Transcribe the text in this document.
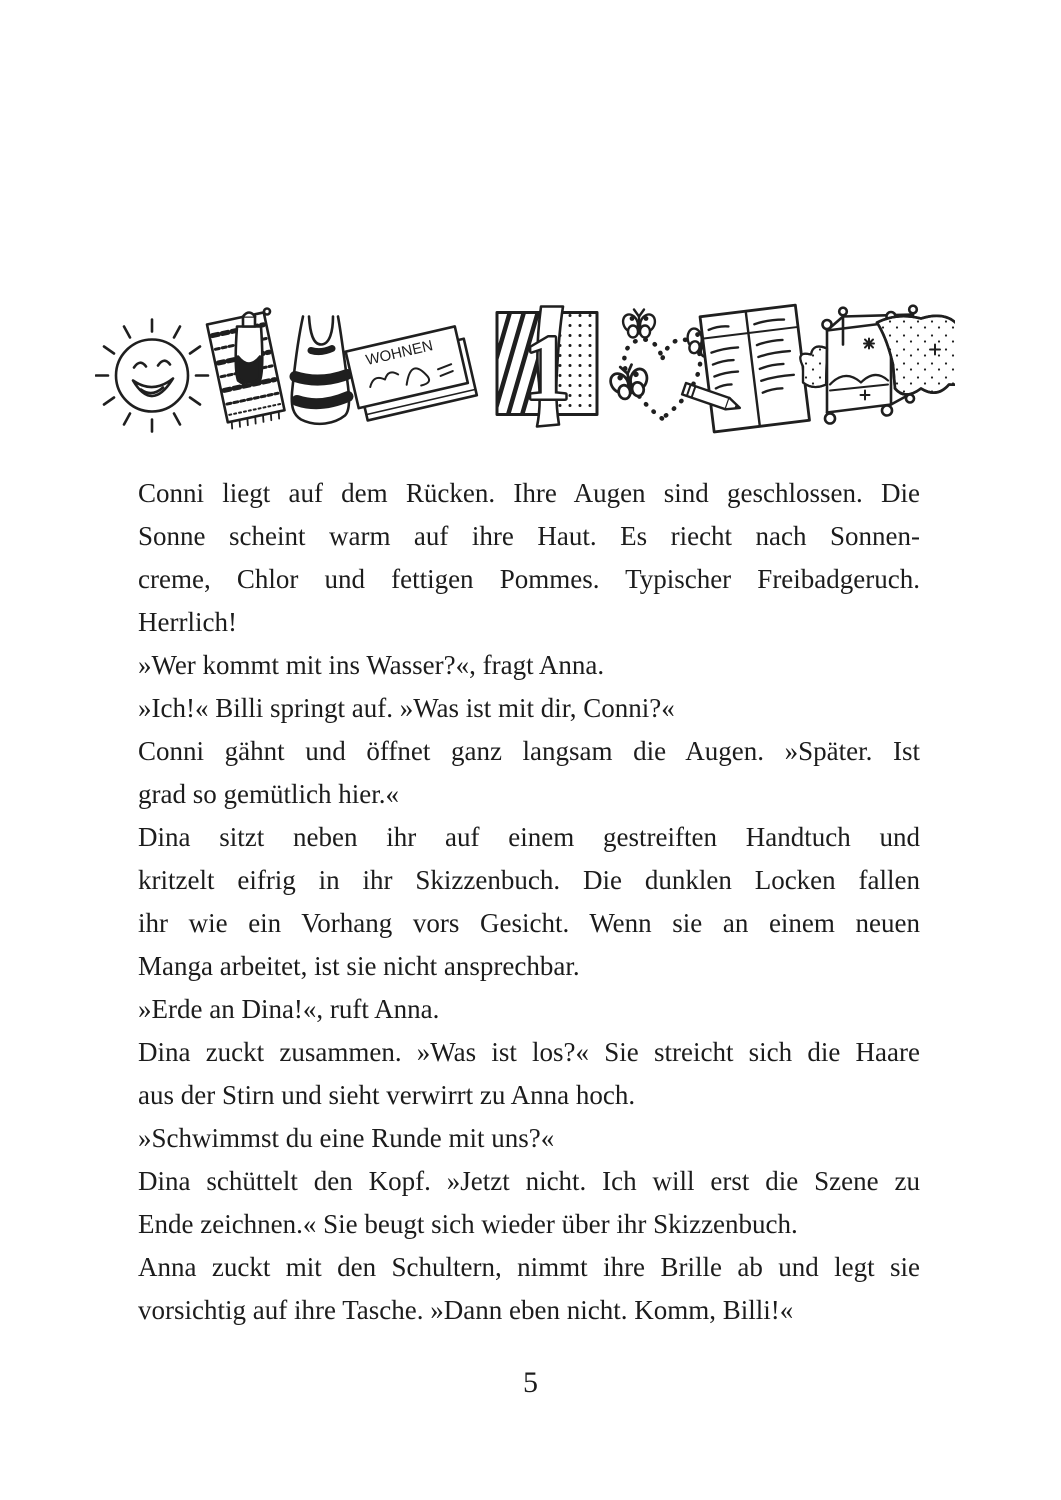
WOHNEN 1
Conni liegt auf dem Rücken. Ihre Augen sind geschlossen. Die
Sonne scheint warm auf ihre Haut. Es riecht nach Sonnen-
creme, Chlor und fettigen Pommes. Typischer Freibadgeruch.
Herrlich!
»Wer kommt mit ins Wasser?«, fragt Anna.
»Ich!« Billi springt auf. »Was ist mit dir, Conni?«
Conni gähnt und öffnet ganz langsam die Augen. »Später. Ist
grad so gemütlich hier.«
Dina sitzt neben ihr auf einem gestreiften Handtuch und
kritzelt eifrig in ihr Skizzenbuch. Die dunklen Locken fallen
ihr wie ein Vorhang vors Gesicht. Wenn sie an einem neuen
Manga arbeitet, ist sie nicht ansprechbar.
»Erde an Dina!«, ruft Anna.
Dina zuckt zusammen. »Was ist los?« Sie streicht sich die Haare
aus der Stirn und sieht verwirrt zu Anna hoch.
»Schwimmst du eine Runde mit uns?«
Dina schüttelt den Kopf. »Jetzt nicht. Ich will erst die Szene zu
Ende zeichnen.« Sie beugt sich wieder über ihr Skizzenbuch.
Anna zuckt mit den Schultern, nimmt ihre Brille ab und legt sie
vorsichtig auf ihre Tasche. »Dann eben nicht. Komm, Billi!«
5
